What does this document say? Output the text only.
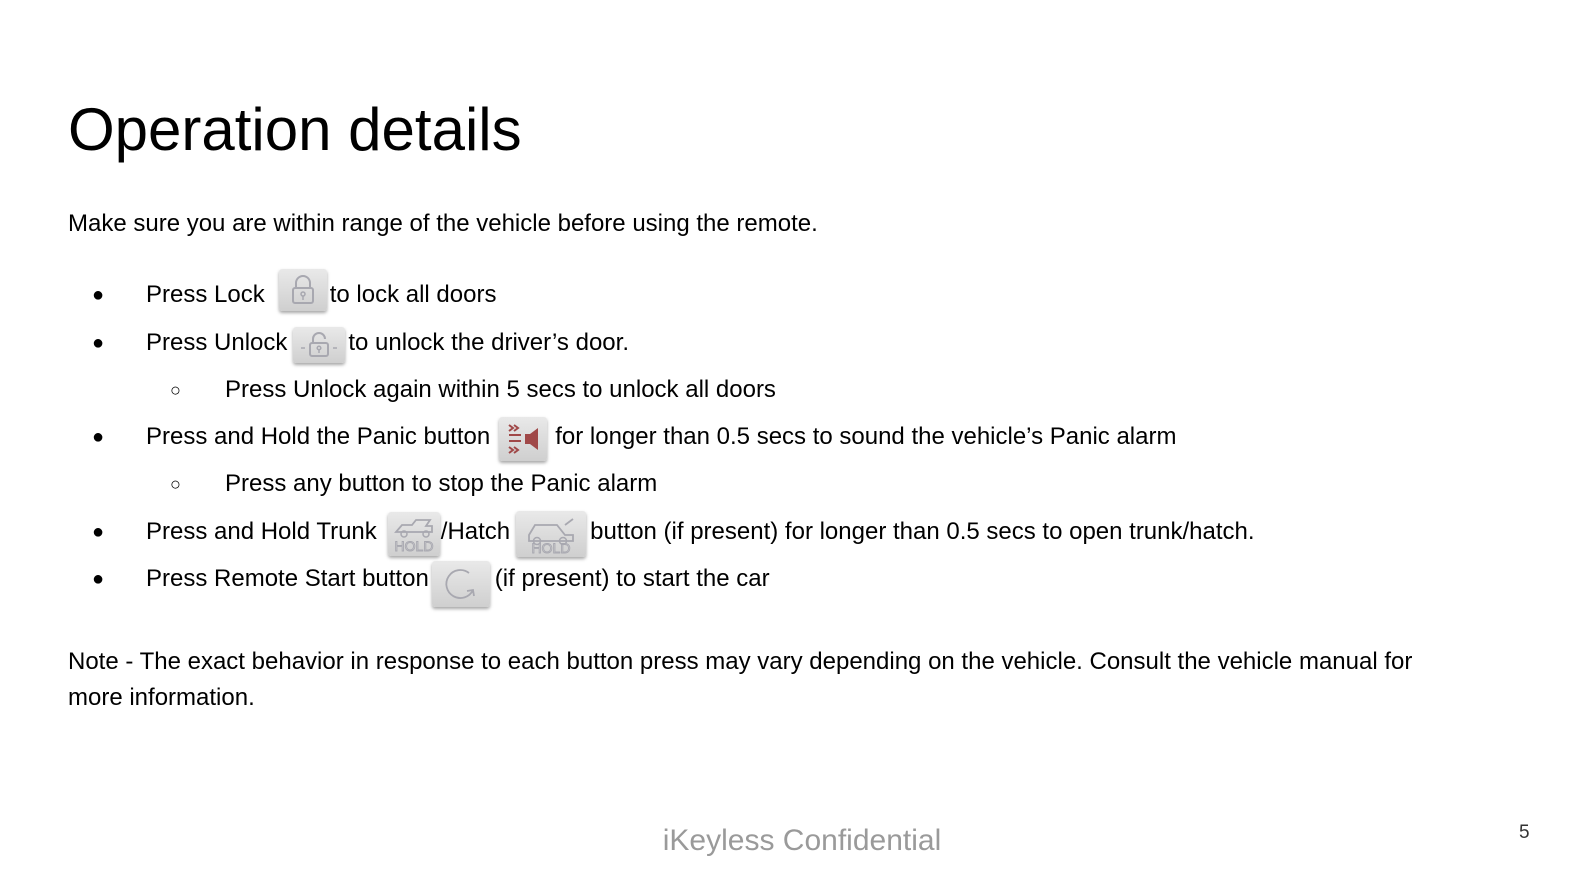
Operation details

Make sure you are within range of the vehicle before using the remote.

● Press Lock	to lock all doors
● Press Unlock	to unlock the driver’s door.
○ Press Unlock again within 5 secs to unlock all doors
● Press and Hold the Panic button	for longer than 0.5 secs to sound the vehicle’s Panic alarm
○ Press any button to stop the Panic alarm
● Press and Hold Trunk
HOLD
/Hatch
HOLD
button (if present) for longer than 0.5 secs to open trunk/hatch.
● Press Remote Start button	(if present) to start the car

Note - The exact behavior in response to each button press may vary depending on the vehicle. Consult the vehicle manual for more information.

iKeyless Confidential	5
